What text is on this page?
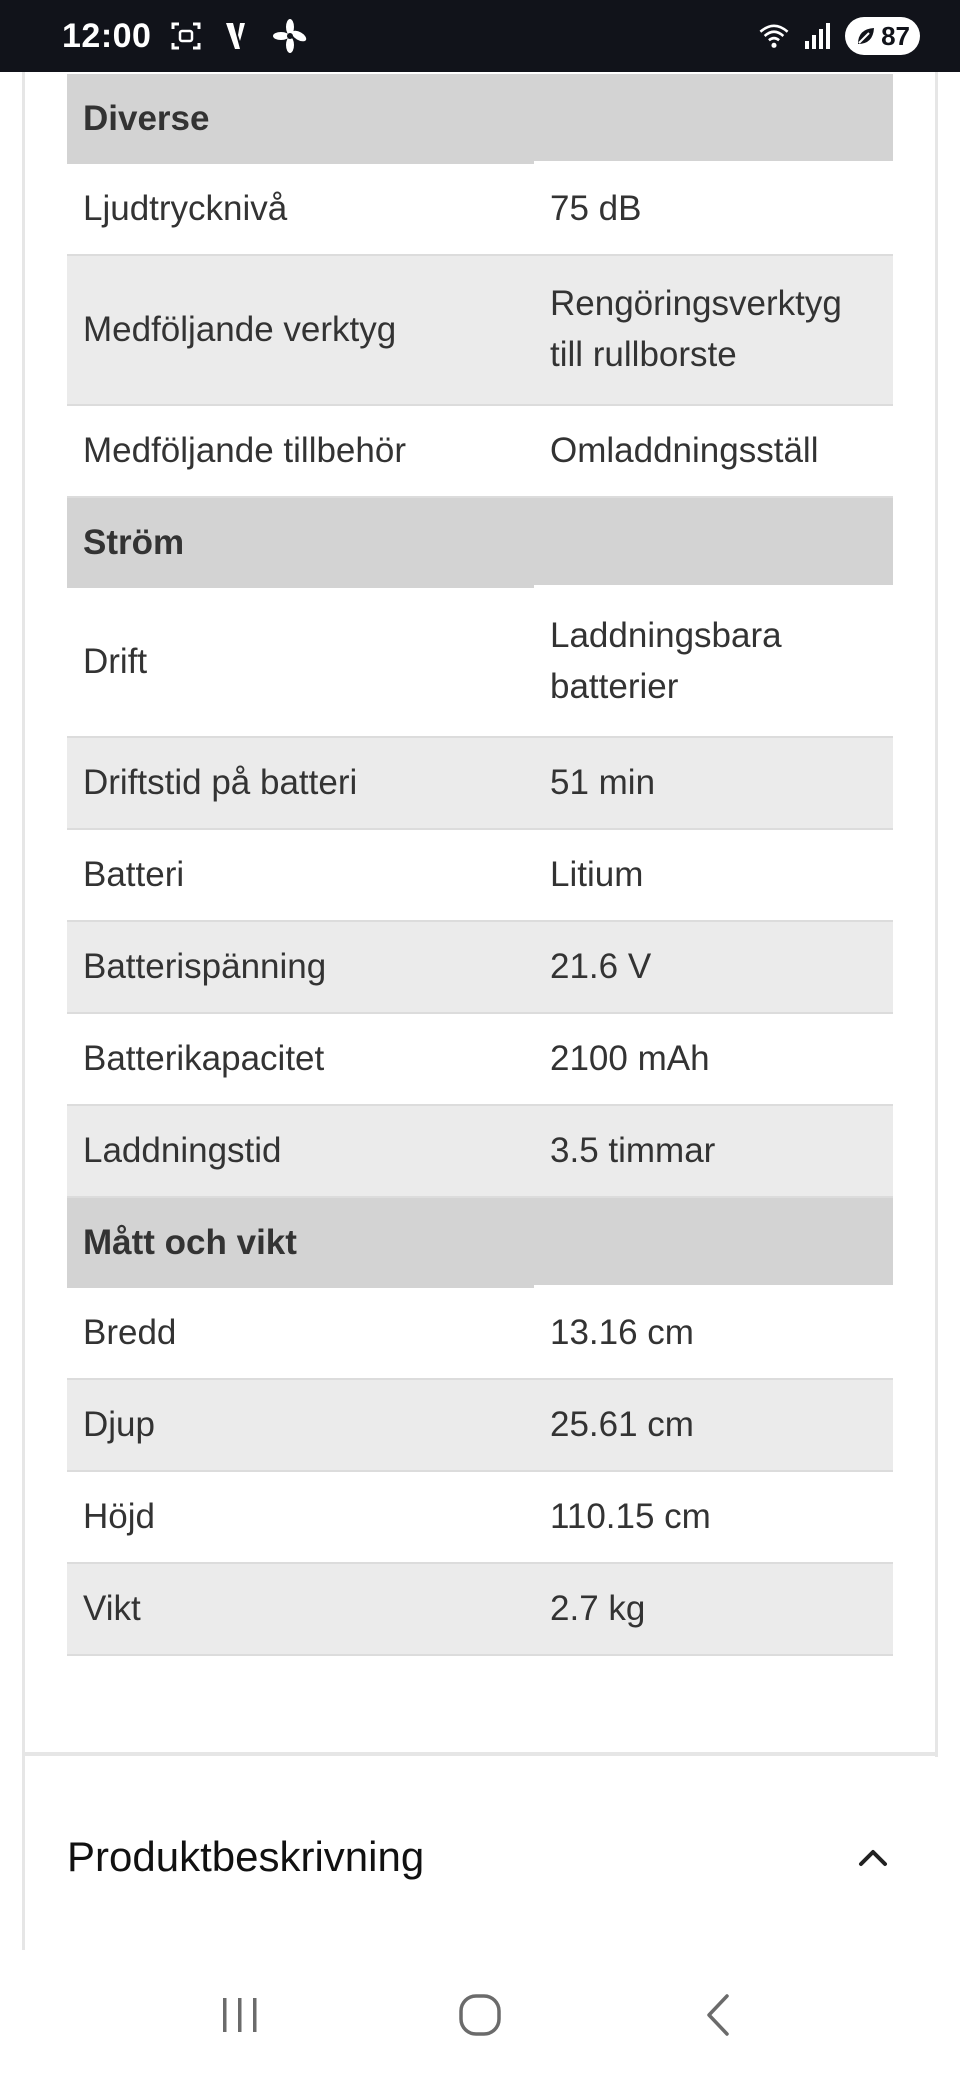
12:00	87
Diverse	
Ljudtrycknivå	75 dB
Medföljande verktyg	Rengöringsverktyg till rullborste
Medföljande tillbehör	Omladdningsställ
Ström	
Drift	Laddningsbara batterier
Driftstid på batteri	51 min
Batteri	Litium
Batterispänning	21.6 V
Batterikapacitet	2100 mAh
Laddningstid	3.5 timmar
Mått och vikt	
Bredd	13.16 cm
Djup	25.61 cm
Höjd	110.15 cm
Vikt	2.7 kg
Produktbeskrivning
